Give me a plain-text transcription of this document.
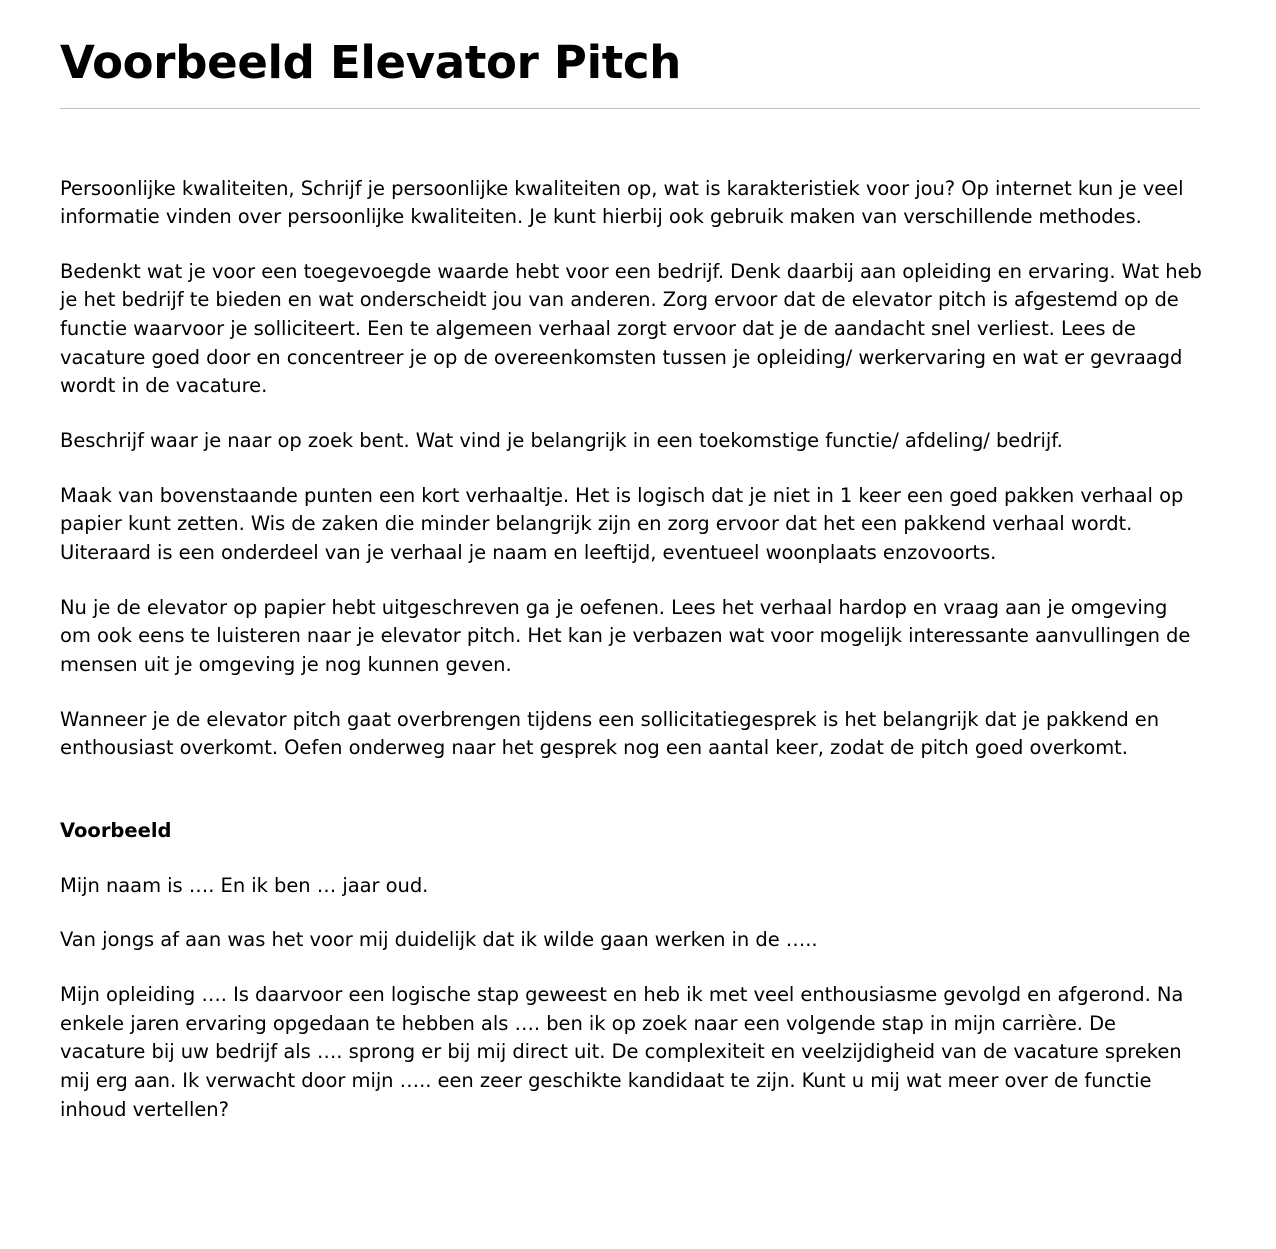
Voorbeeld Elevator Pitch

Persoonlijke kwaliteiten, Schrijf je persoonlijke kwaliteiten op, wat is karakteristiek voor jou? Op internet kun je veel informatie vinden over persoonlijke kwaliteiten. Je kunt hierbij ook gebruik maken van verschillende methodes.

Bedenkt wat je voor een toegevoegde waarde hebt voor een bedrijf. Denk daarbij aan opleiding en ervaring. Wat heb je het bedrijf te bieden en wat onderscheidt jou van anderen. Zorg ervoor dat de elevator pitch is afgestemd op de functie waarvoor je solliciteert. Een te algemeen verhaal zorgt ervoor dat je de aandacht snel verliest. Lees de vacature goed door en concentreer je op de overeenkomsten tussen je opleiding/ werkervaring en wat er gevraagd wordt in de vacature.

Beschrijf waar je naar op zoek bent. Wat vind je belangrijk in een toekomstige functie/ afdeling/ bedrijf.

Maak van bovenstaande punten een kort verhaaltje. Het is logisch dat je niet in 1 keer een goed pakken verhaal op papier kunt zetten. Wis de zaken die minder belangrijk zijn en zorg ervoor dat het een pakkend verhaal wordt. Uiteraard is een onderdeel van je verhaal je naam en leeftijd, eventueel woonplaats enzovoorts.

Nu je de elevator op papier hebt uitgeschreven ga je oefenen. Lees het verhaal hardop en vraag aan je omgeving om ook eens te luisteren naar je elevator pitch. Het kan je verbazen wat voor mogelijk interessante aanvullingen de mensen uit je omgeving je nog kunnen geven.

Wanneer je de elevator pitch gaat overbrengen tijdens een sollicitatiegesprek is het belangrijk dat je pakkend en enthousiast overkomt. Oefen onderweg naar het gesprek nog een aantal keer, zodat de pitch goed overkomt.

Voorbeeld

Mijn naam is …. En ik ben … jaar oud.

Van jongs af aan was het voor mij duidelijk dat ik wilde gaan werken in de …..

Mijn opleiding …. Is daarvoor een logische stap geweest en heb ik met veel enthousiasme gevolgd en afgerond. Na enkele jaren ervaring opgedaan te hebben als …. ben ik op zoek naar een volgende stap in mijn carrière. De vacature bij uw bedrijf als …. sprong er bij mij direct uit. De complexiteit en veelzijdigheid van de vacature spreken mij erg aan. Ik verwacht door mijn ….. een zeer geschikte kandidaat te zijn. Kunt u mij wat meer over de functie inhoud vertellen?
